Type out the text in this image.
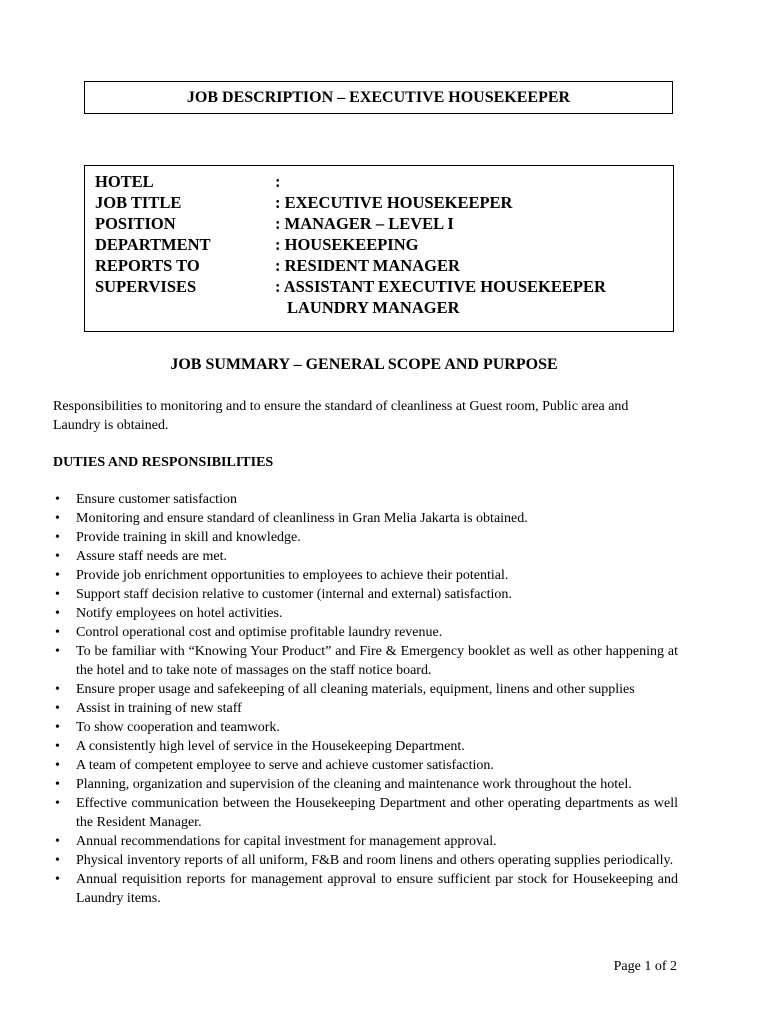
JOB DESCRIPTION – EXECUTIVE HOUSEKEEPER
HOTEL	:
JOB TITLE	: EXECUTIVE HOUSEKEEPER
POSITION	: MANAGER – LEVEL I
DEPARTMENT	: HOUSEKEEPING
REPORTS TO	: RESIDENT MANAGER
SUPERVISES	: ASSISTANT EXECUTIVE HOUSEKEEPER
LAUNDRY MANAGER
JOB SUMMARY – GENERAL SCOPE AND PURPOSE
Responsibilities to monitoring and to ensure the standard of cleanliness at Guest room, Public area and Laundry is obtained.
DUTIES AND RESPONSIBILITIES
• Ensure customer satisfaction
• Monitoring and ensure standard of cleanliness in Gran Melia Jakarta is obtained.
• Provide training in skill and knowledge.
• Assure staff needs are met.
• Provide job enrichment opportunities to employees to achieve their potential.
• Support staff decision relative to customer (internal and external) satisfaction.
• Notify employees on hotel activities.
• Control operational cost and optimise profitable laundry revenue.
• To be familiar with “Knowing Your Product” and Fire & Emergency booklet as well as other happening at the hotel and to take note of massages on the staff notice board.
• Ensure proper usage and safekeeping of all cleaning materials, equipment, linens and other supplies
• Assist in training of new staff
• To show cooperation and teamwork.
• A consistently high level of service in the Housekeeping Department.
• A team of competent employee to serve and achieve customer satisfaction.
• Planning, organization and supervision of the cleaning and maintenance work throughout the hotel.
• Effective communication between the Housekeeping Department and other operating departments as well the Resident Manager.
• Annual recommendations for capital investment for management approval.
• Physical inventory reports of all uniform, F&B and room linens and others operating supplies periodically.
• Annual requisition reports for management approval to ensure sufficient par stock for Housekeeping and Laundry items.
Page 1 of 2
